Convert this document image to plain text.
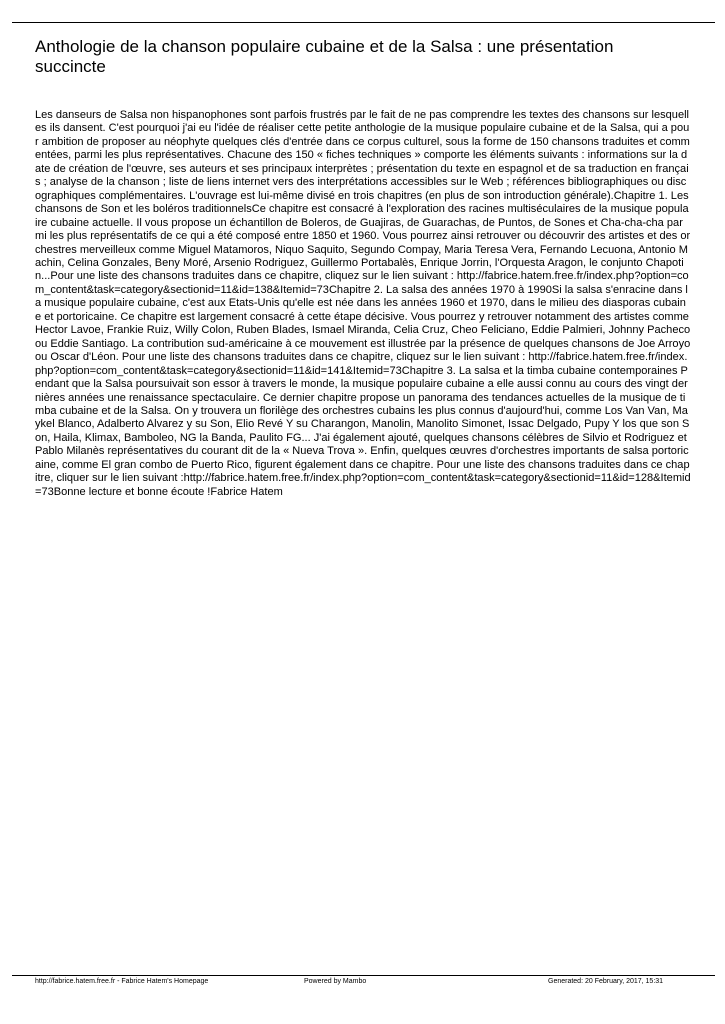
Anthologie de la chanson populaire cubaine et de la Salsa : une présentation succincte

Les danseurs de Salsa non hispanophones sont parfois frustrés par le fait de ne pas comprendre les textes des chansons sur lesquelles ils dansent. C'est pourquoi j'ai eu l'idée de réaliser cette petite anthologie de la musique populaire cubaine et de la Salsa, qui a pour ambition de proposer au néophyte quelques clés d'entrée dans ce corpus culturel, sous la forme de 150 chansons traduites et commentées, parmi les plus représentatives. Chacune des 150 « fiches techniques » comporte les éléments suivants : informations sur la date de création de l'œuvre, ses auteurs et ses principaux interprètes ; présentation du texte en espagnol et de sa traduction en français ; analyse de la chanson ; liste de liens internet vers des interprétations accessibles sur le Web ; références bibliographiques ou discographiques complémentaires. L'ouvrage est lui-même divisé en trois chapitres (en plus de son introduction générale).Chapitre 1. Les chansons de Son et les boléros traditionnelsCe chapitre est consacré à l'exploration des racines multiséculaires de la musique populaire cubaine actuelle. Il vous propose un échantillon de Boleros, de Guajiras, de Guarachas, de Puntos, de Sones et Cha-cha-cha parmi les plus représentatifs de ce qui a été composé entre 1850 et 1960. Vous pourrez ainsi retrouver ou découvrir des artistes et des orchestres merveilleux comme Miguel Matamoros, Niquo Saquito, Segundo Compay, Maria Teresa Vera, Fernando Lecuona, Antonio Machin, Celina Gonzales, Beny Moré, Arsenio Rodriguez, Guillermo Portabalès, Enrique Jorrin, l'Orquesta Aragon, le conjunto Chapotin...Pour une liste des chansons traduites dans ce chapitre, cliquez sur le lien suivant : http://fabrice.hatem.free.fr/index.php?option=com_content&task=category&sectionid=11&id=138&Itemid=73Chapitre 2. La salsa des années 1970 à 1990Si la salsa s'enracine dans la musique populaire cubaine, c'est aux Etats-Unis qu'elle est née dans les années 1960 et 1970, dans le milieu des diasporas cubaine et portoricaine. Ce chapitre est largement consacré à cette étape décisive. Vous pourrez y retrouver notamment des artistes comme Hector Lavoe, Frankie Ruiz, Willy Colon, Ruben Blades, Ismael Miranda, Celia Cruz, Cheo Feliciano, Eddie Palmieri, Johnny Pacheco ou Eddie Santiago. La contribution sud-américaine à ce mouvement est illustrée par la présence de quelques chansons de Joe Arroyo ou Oscar d'Léon. Pour une liste des chansons traduites dans ce chapitre, cliquez sur le lien suivant : http://fabrice.hatem.free.fr/index.php?option=com_content&task=category&sectionid=11&id=141&Itemid=73Chapitre 3. La salsa et la timba cubaine contemporaines Pendant que la Salsa poursuivait son essor à travers le monde, la musique populaire cubaine a elle aussi connu au cours des vingt dernières années une renaissance spectaculaire. Ce dernier chapitre propose un panorama des tendances actuelles de la musique de timba cubaine et de la Salsa. On y trouvera un florilège des orchestres cubains les plus connus d'aujourd'hui, comme Los Van Van, Maykel Blanco, Adalberto Alvarez y su Son, Elio Revé Y su Charangon, Manolin, Manolito Simonet, Issac Delgado, Pupy Y los que son Son, Haila, Klimax, Bamboleo, NG la Banda, Paulito FG... J'ai également ajouté, quelques chansons célèbres de Silvio et Rodriguez et Pablo Milanès représentatives du courant dit de la « Nueva Trova ». Enfin, quelques œuvres d'orchestres importants de salsa portoricaine, comme El gran combo de Puerto Rico, figurent également dans ce chapitre. Pour une liste des chansons traduites dans ce chapitre, cliquer sur le lien suivant :http://fabrice.hatem.free.fr/index.php?option=com_content&task=category&sectionid=11&id=128&Itemid=73Bonne lecture et bonne écoute !Fabrice Hatem

http://fabrice.hatem.free.fr - Fabrice Hatem's Homepage	Powered by Mambo	Generated: 20 February, 2017, 15:31
